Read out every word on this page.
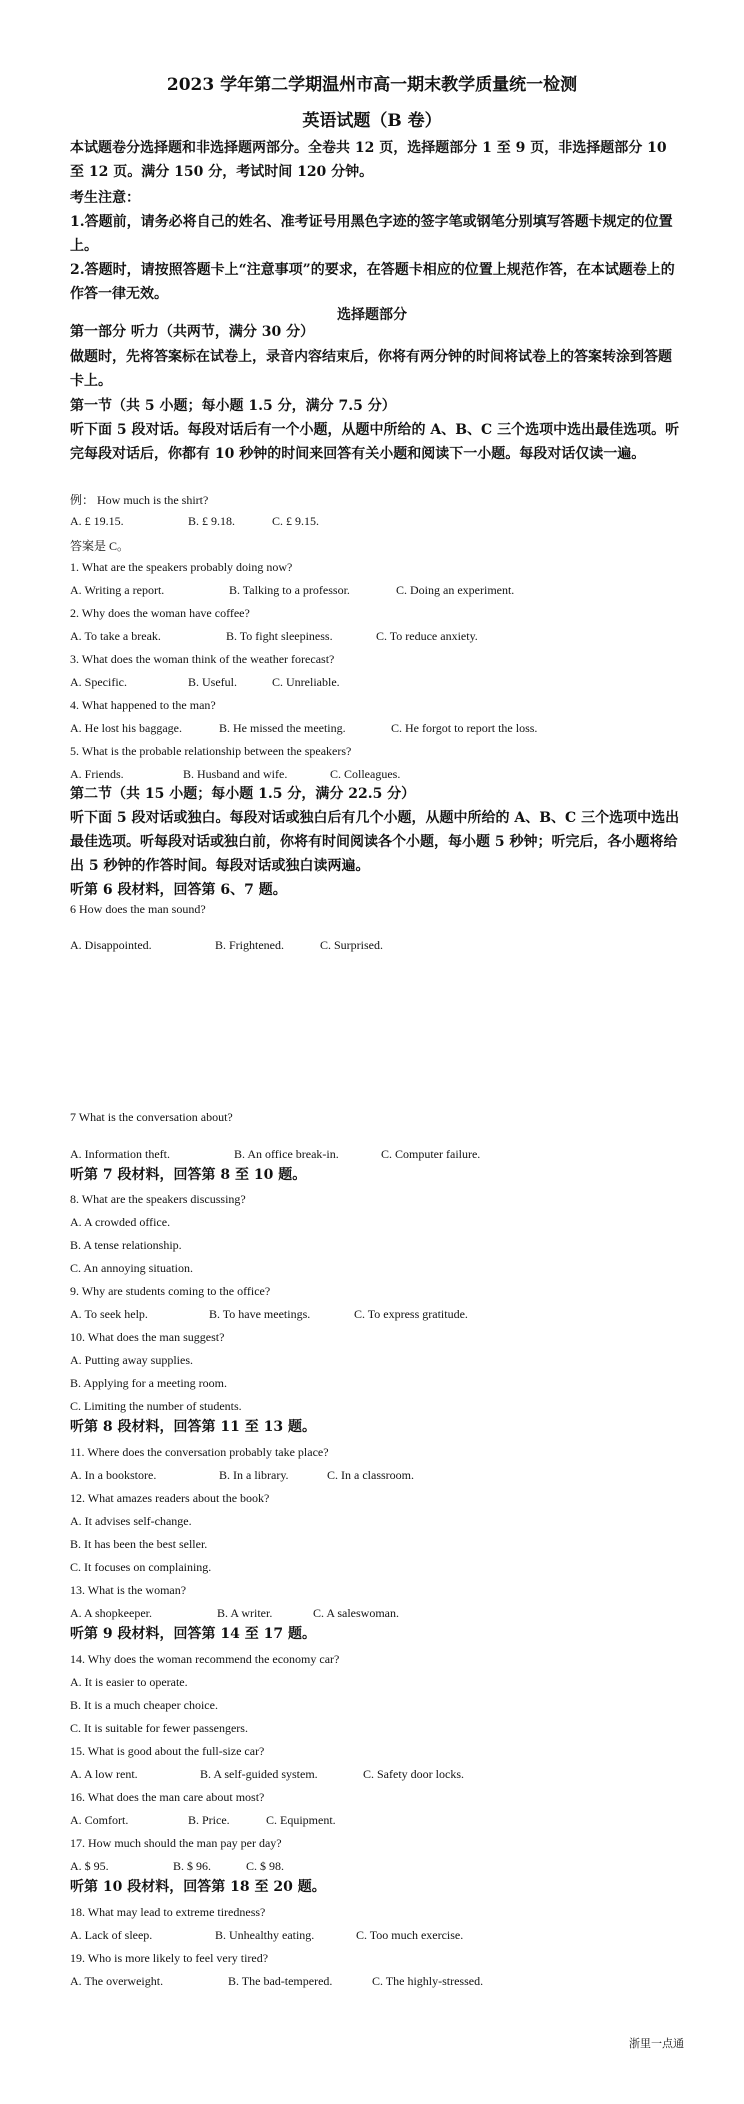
2023 学年第二学期温州市高一期末教学质量统一检测
英语试题（B 卷）
本试题卷分选择题和非选择题两部分。全卷共 12 页，选择题部分 1 至 9 页，非选择题部分 10 至 12 页。满分 150 分，考试时间 120 分钟。
考生注意：
1.答题前，请务必将自己的姓名、准考证号用黑色字迹的签字笔或钢笔分别填写答题卡规定的位置上。
2.答题时，请按照答题卡上“注意事项”的要求，在答题卡相应的位置上规范作答，在本试题卷上的作答一律无效。
选择题部分
第一部分 听力（共两节，满分 30 分）
做题时，先将答案标在试卷上，录音内容结束后，你将有两分钟的时间将试卷上的答案转涂到答题卡上。
第一节（共 5 小题；每小题 1.5 分，满分 7.5 分）
听下面 5 段对话。每段对话后有一个小题，从题中所给的 A、B、C 三个选项中选出最佳选项。听完每段对话后，你都有 10 秒钟的时间来回答有关小题和阅读下一小题。每段对话仅读一遍。
例： How much is the shirt?
A. £ 19.15.	B. £ 9.18.	C. £ 9.15.
答案是 C。
1. What are the speakers probably doing now?
A. Writing a report.	B. Talking to a professor.	C. Doing an experiment.
2. Why does the woman have coffee?
A. To take a break.	B. To fight sleepiness.	C. To reduce anxiety.
3. What does the woman think of the weather forecast?
A. Specific.	B. Useful.	C. Unreliable.
4. What happened to the man?
A. He lost his baggage.	B. He missed the meeting.	C. He forgot to report the loss.
5. What is the probable relationship between the speakers?
A. Friends.	B. Husband and wife.	C. Colleagues.
第二节（共 15 小题；每小题 1.5 分，满分 22.5 分）
听下面 5 段对话或独白。每段对话或独白后有几个小题，从题中所给的 A、B、C 三个选项中选出最佳选项。听每段对话或独白前，你将有时间阅读各个小题，每小题 5 秒钟；听完后，各小题将给出 5 秒钟的作答时间。每段对话或独白读两遍。
听第 6 段材料，回答第 6、7 题。
6 How does the man sound?
A. Disappointed.	B. Frightened.	C. Surprised.
7 What is the conversation about?
A. Information theft.	B. An office break-in.	C. Computer failure.
听第 7 段材料，回答第 8 至 10 题。
8. What are the speakers discussing?
A. A crowded office.
B. A tense relationship.
C. An annoying situation.
9. Why are students coming to the office?
A. To seek help.	B. To have meetings.	C. To express gratitude.
10. What does the man suggest?
A. Putting away supplies.
B. Applying for a meeting room.
C. Limiting the number of students.
听第 8 段材料，回答第 11 至 13 题。
11. Where does the conversation probably take place?
A. In a bookstore.	B. In a library.	C. In a classroom.
12. What amazes readers about the book?
A. It advises self-change.
B. It has been the best seller.
C. It focuses on complaining.
13. What is the woman?
A. A shopkeeper.	B. A writer.	C. A saleswoman.
听第 9 段材料，回答第 14 至 17 题。
14. Why does the woman recommend the economy car?
A. It is easier to operate.
B. It is a much cheaper choice.
C. It is suitable for fewer passengers.
15. What is good about the full-size car?
A. A low rent.	B. A self-guided system.	C. Safety door locks.
16. What does the man care about most?
A. Comfort.	B. Price.	C. Equipment.
17. How much should the man pay per day?
A. $ 95.	B. $ 96.	C. $ 98.
听第 10 段材料，回答第 18 至 20 题。
18. What may lead to extreme tiredness?
A. Lack of sleep.	B. Unhealthy eating.	C. Too much exercise.
19. Who is more likely to feel very tired?
A. The overweight.	B. The bad-tempered.	C. The highly-stressed.
浙里一点通
